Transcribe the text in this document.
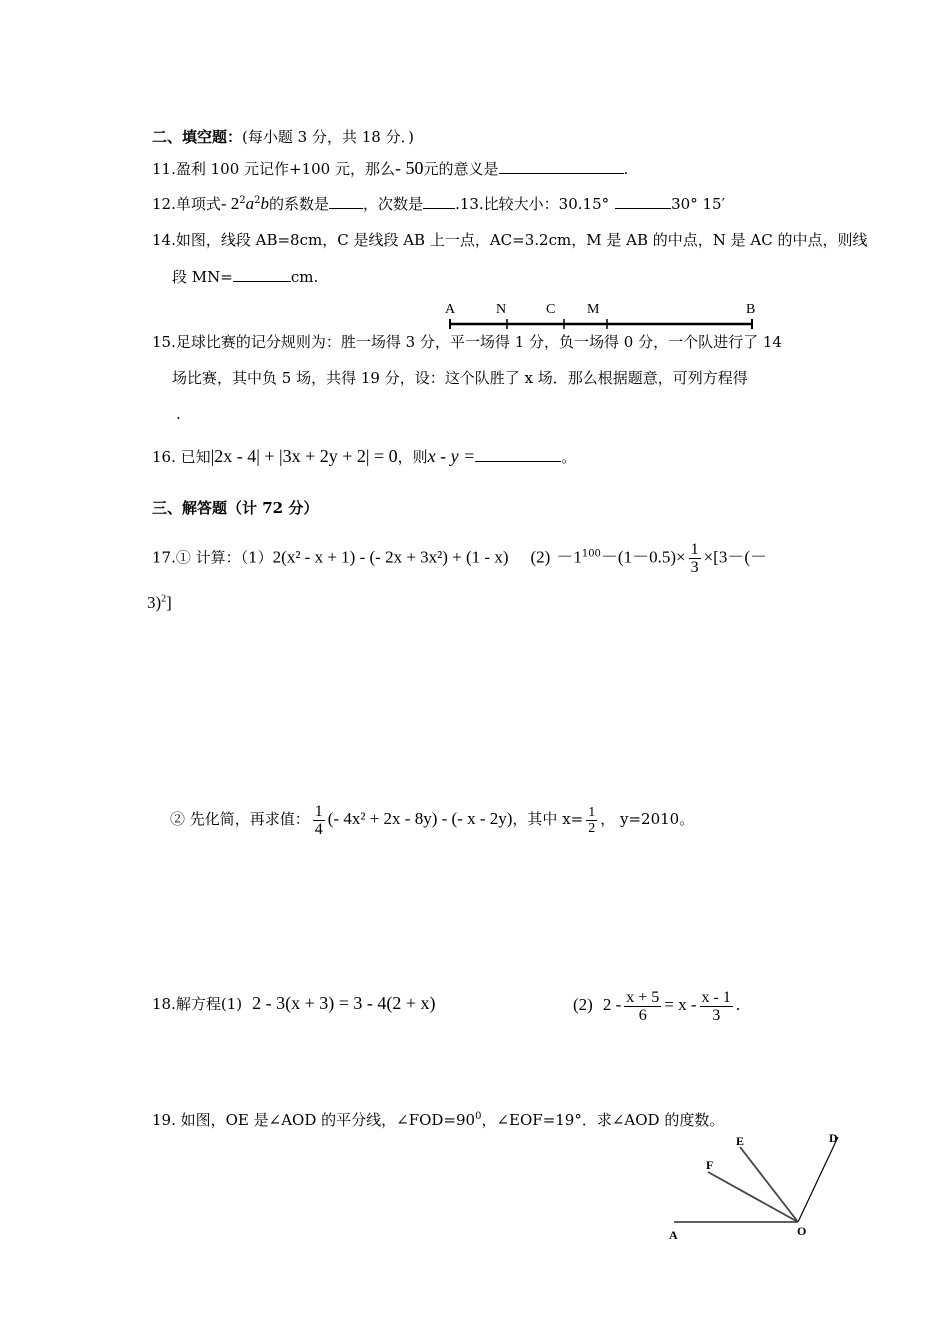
二、填空题：(每小题 3 分，共 18 分．)
11.盈利 100 元记作+100 元，那么- 50元的意义是	.
12.单项式- $2^2a^2b$的系数是 ，次数是 .13.比较大小：30.15°	30° 15′
14.如图，线段 AB=8cm，C 是线段 AB 上一点，AC=3.2cm，M 是 AB 的中点，N 是 AC 的中点，则线
段 MN=	cm.
A	N	C M	B
15.足球比赛的记分规则为：胜一场得 3 分，平一场得 1 分，负一场得 0 分，一个队进行了 14
场比赛，其中负 5 场，共得 19 分，设：这个队胜了 x 场．那么根据题意，可列方程得
.
16. 已知|2x - 4| + |3x + 2y + 2| = 0，则x - y =	。
三、解答题（计 72 分）
17.① 计算：（1）2(x² - x + 1) - (- 2x + 3x²) + (1 - x) $(2) -1^{100}-(1-0.5)\times \frac{1}{3} \times[3-(-$
3)$^2$]
② 先化简，再求值： $\frac{1}{4}$ (- 4x² + 2x - 8y) - (- x - 2y)，其中 $x= \frac{1}{2}$ ， y=2010。
18.解方程(1) 2 - 3(x + 3) = 3 - 4(2 + x)	(2) $2 - \frac{x + 5}{6} = x - \frac{x - 1}{3}$ .
19. 如图，OE 是∠AOD 的平分线，$\angle FOD=90^0$，∠EOF=19°．求∠AOD 的度数。
E	D
F
A	O
